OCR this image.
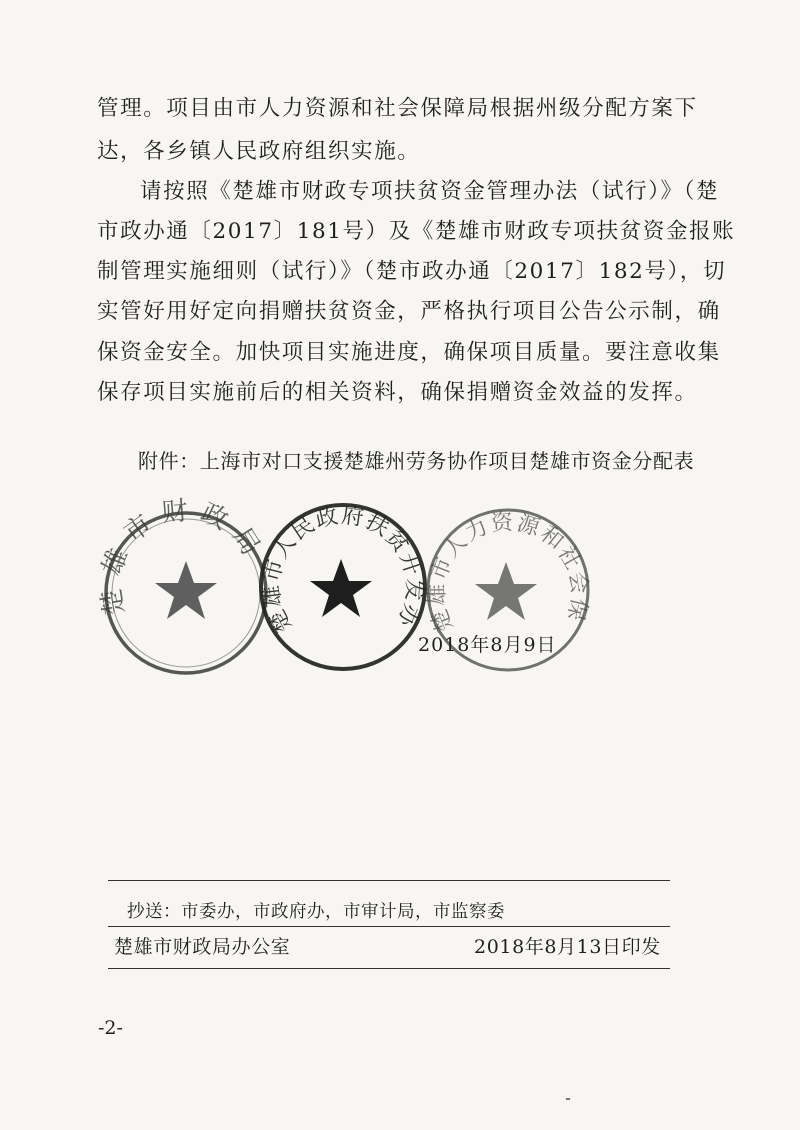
管理。项目由市人力资源和社会保障局根据州级分配方案下
达，各乡镇人民政府组织实施。
请按照《楚雄市财政专项扶贫资金管理办法（试行）》（楚
市政办通〔2017〕181号）及《楚雄市财政专项扶贫资金报账
制管理实施细则（试行）》（楚市政办通〔2017〕182号），切
实管好用好定向捐赠扶贫资金，严格执行项目公告公示制，确
保资金安全。加快项目实施进度，确保项目质量。要注意收集
保存项目实施前后的相关资料，确保捐赠资金效益的发挥。
附件：上海市对口支援楚雄州劳务协作项目楚雄市资金分配表
楚雄市财政局
楚雄市人民政府扶贫开发办公室
楚雄市人力资源和社会保障局
2018年8月9日
抄送：市委办，市政府办，市审计局，市监察委
楚雄市财政局办公室	2018年8月13日印发
-2-
